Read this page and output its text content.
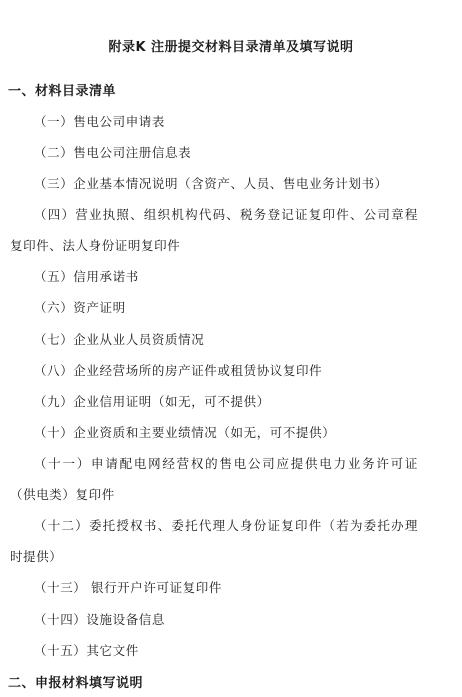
附录K 注册提交材料目录清单及填写说明
一、材料目录清单
（一）售电公司申请表
（二）售电公司注册信息表
（三）企业基本情况说明（含资产、人员、售电业务计划书）
（四）营业执照、组织机构代码、税务登记证复印件、公司章程
复印件、法人身份证明复印件
（五）信用承诺书
（六）资产证明
（七）企业从业人员资质情况
（八）企业经营场所的房产证件或租赁协议复印件
（九）企业信用证明（如无，可不提供）
（十）企业资质和主要业绩情况（如无，可不提供）
（十一）申请配电网经营权的售电公司应提供电力业务许可证
（供电类）复印件
（十二）委托授权书、委托代理人身份证复印件（若为委托办理
时提供）
（十三） 银行开户许可证复印件
（十四）设施设备信息
（十五）其它文件
二、申报材料填写说明
